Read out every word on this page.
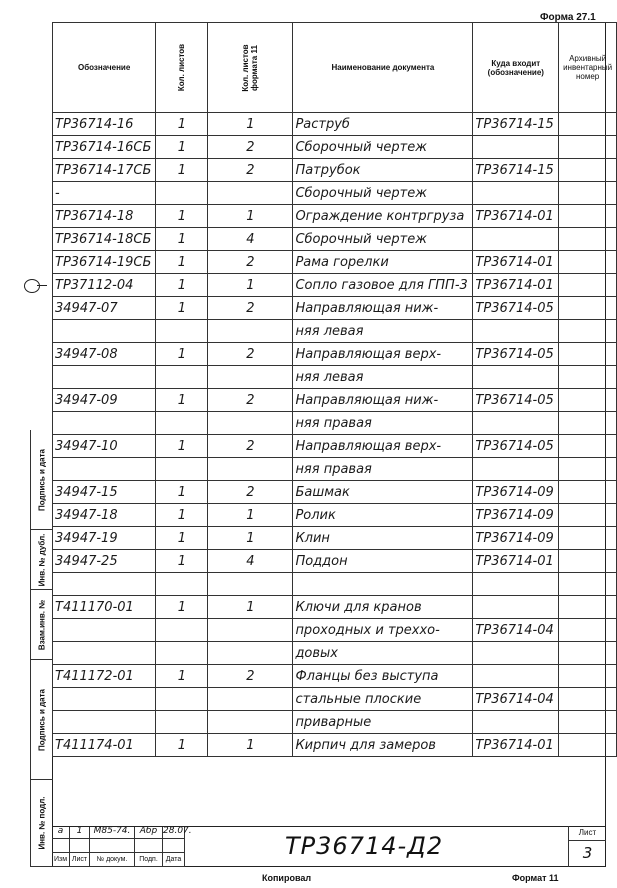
Форма 27.1
Обозначение	Кол. листов	Кол. листов формата 11	Наименование документа	Куда входит (обозначение)	Архивный инвентарный номер
ТР36714-16	1	1	Раструб	ТР36714-15	
ТР36714-16СБ	1	2	Сборочный чертеж		
ТР36714-17СБ	1	2	Патрубок	ТР36714-15	
-			Сборочный чертеж		
ТР36714-18	1	1	Ограждение контргруза	ТР36714-01	
ТР36714-18СБ	1	4	Сборочный чертеж		
ТР36714-19СБ	1	2	Рама горелки	ТР36714-01	
ТР37112-04	1	1	Сопло газовое для ГПП-3	ТР36714-01	
34947-07	1	2	Направляющая ниж-	ТР36714-05	
			няя левая		
34947-08	1	2	Направляющая верх-	ТР36714-05	
			няя левая		
34947-09	1	2	Направляющая ниж-	ТР36714-05	
			няя правая		
34947-10	1	2	Направляющая верх-	ТР36714-05	
			няя правая		
34947-15	1	2	Башмак	ТР36714-09	
34947-18	1	1	Ролик	ТР36714-09	
34947-19	1	1	Клин	ТР36714-09	
34947-25	1	4	Поддон	ТР36714-01	

Т411170-01	1	1	Ключи для кранов		
			проходных и треххо-	ТР36714-04	
			довых		
Т411172-01	1	2	Фланцы без выступа		
			стальные плоские	ТР36714-04	
			приварные		
Т411174-01	1	1	Кирпич для замеров	ТР36714-01	
Подпись и дата
Инв. № дубл.
Взам.инв. №
Подпись и дата
Инв. № подл.	а	1	М85-74.	Абр 28.07.
Изм Лист	№ докум.	Подп.	Дата	ТР36714-Д2	Лист
3
Копировал	Формат 11
